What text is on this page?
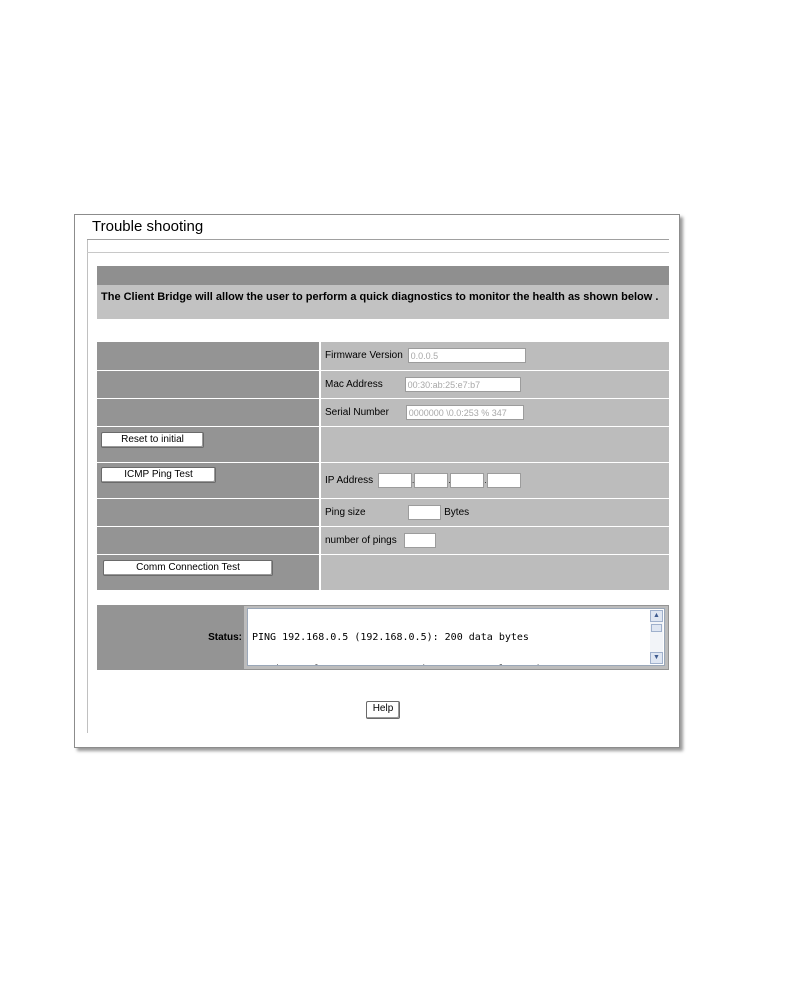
Trouble shooting
The Client Bridge will allow the user to perform a quick diagnostics to monitor the health as shown below .
	Firmware Version 0.0.0.5
	Mac Address 00:30:ab:25:e7:b7
	Serial Number 0000000 \0.0:253 % 347
Reset to initial	
ICMP Ping Test	IP Address . . .
	Ping size Bytes
	number of pings
Comm Connection Test	
Status:

PING 192.168.0.5 (192.168.0.5): 200 data bytes

▲
▼
Help
